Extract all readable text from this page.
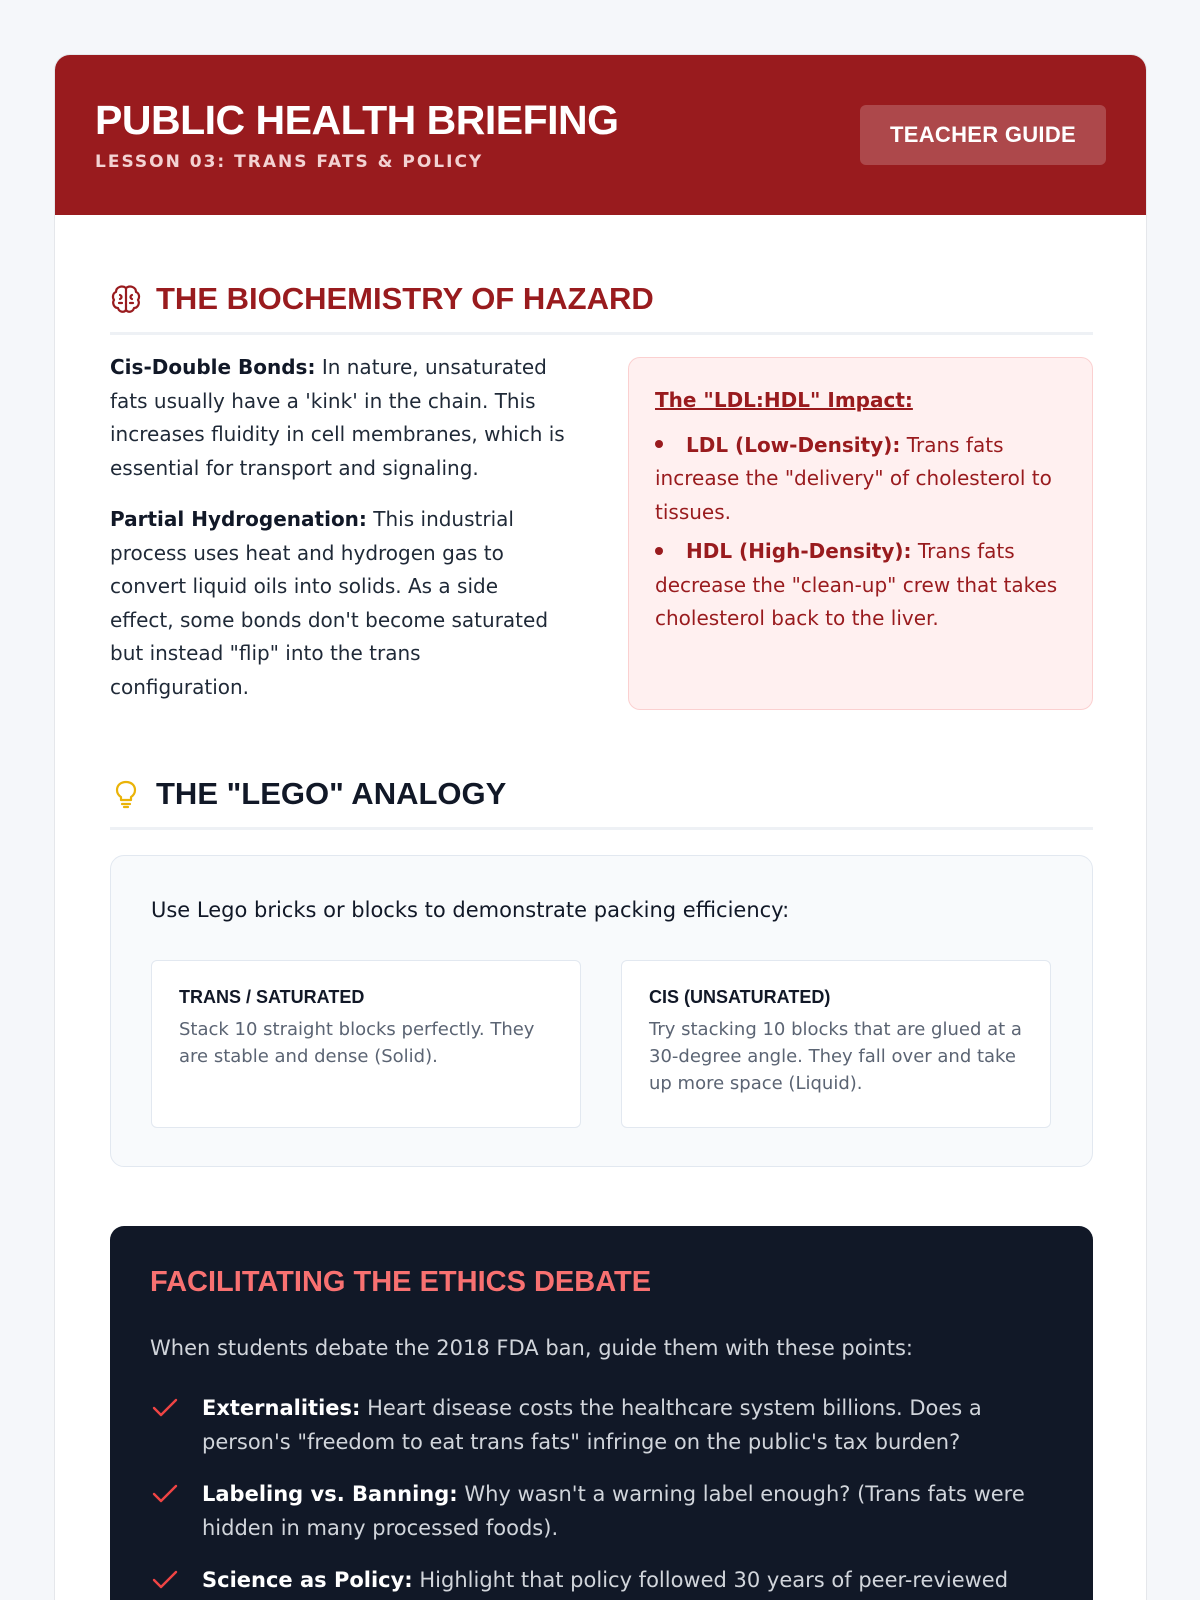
PUBLIC HEALTH BRIEFING
LESSON 03: TRANS FATS & POLICY
TEACHER GUIDE
THE BIOCHEMISTRY OF HAZARD

Cis-Double Bonds: In nature, unsaturated fats usually have a 'kink' in the chain. This increases fluidity in cell membranes, which is essential for transport and signaling.

Partial Hydrogenation: This industrial process uses heat and hydrogen gas to convert liquid oils into solids. As a side effect, some bonds don't become saturated but instead "flip" into the trans configuration.

The "LDL:HDL" Impact:
LDL (Low-Density): Trans fats increase the "delivery" of cholesterol to tissues.
HDL (High-Density): Trans fats decrease the "clean-up" crew that takes cholesterol back to the liver.
THE "LEGO" ANALOGY
Use Lego bricks or blocks to demonstrate packing efficiency:
TRANS / SATURATED
Stack 10 straight blocks perfectly. They are stable and dense (Solid).
CIS (UNSATURATED)
Try stacking 10 blocks that are glued at a 30-degree angle. They fall over and take up more space (Liquid).
FACILITATING THE ETHICS DEBATE
When students debate the 2018 FDA ban, guide them with these points:
Externalities: Heart disease costs the healthcare system billions. Does a person's "freedom to eat trans fats" infringe on the public's tax burden?
Labeling vs. Banning: Why wasn't a warning label enough? (Trans fats were hidden in many processed foods).
Science as Policy: Highlight that policy followed 30 years of peer-reviewed
